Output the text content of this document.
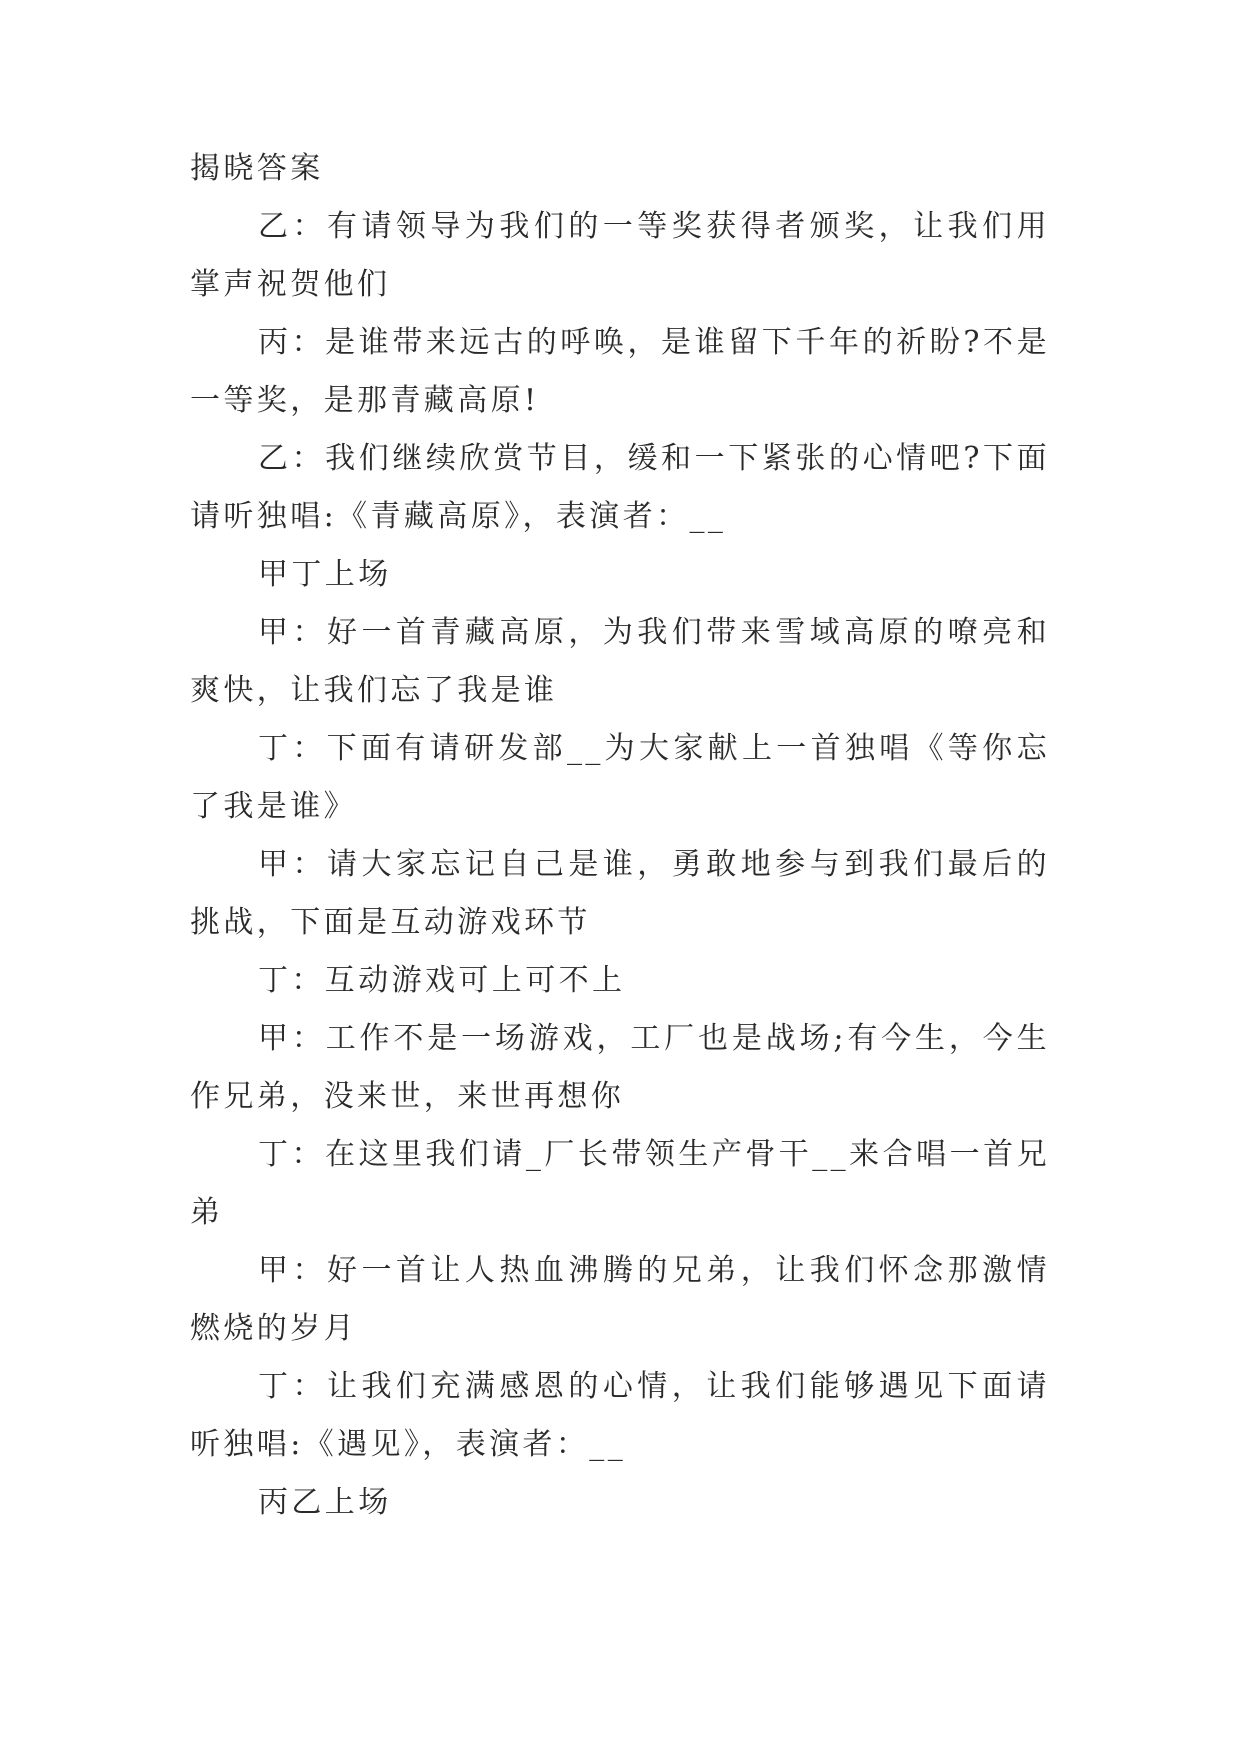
揭晓答案

乙：有请领导为我们的一等奖获得者颁奖，让我们用掌声祝贺他们

丙：是谁带来远古的呼唤，是谁留下千年的祈盼?不是一等奖，是那青藏高原!

乙：我们继续欣赏节目，缓和一下紧张的心情吧?下面请听独唱:《青藏高原》，表演者：__

甲丁上场

甲：好一首青藏高原，为我们带来雪域高原的嘹亮和爽快，让我们忘了我是谁

丁：下面有请研发部__为大家献上一首独唱《等你忘了我是谁》

甲：请大家忘记自己是谁，勇敢地参与到我们最后的挑战，下面是互动游戏环节

丁：互动游戏可上可不上

甲：工作不是一场游戏，工厂也是战场;有今生，今生作兄弟，没来世，来世再想你

丁：在这里我们请_厂长带领生产骨干__来合唱一首兄弟

甲：好一首让人热血沸腾的兄弟，让我们怀念那激情燃烧的岁月

丁：让我们充满感恩的心情，让我们能够遇见下面请听独唱:《遇见》，表演者：__

丙乙上场
